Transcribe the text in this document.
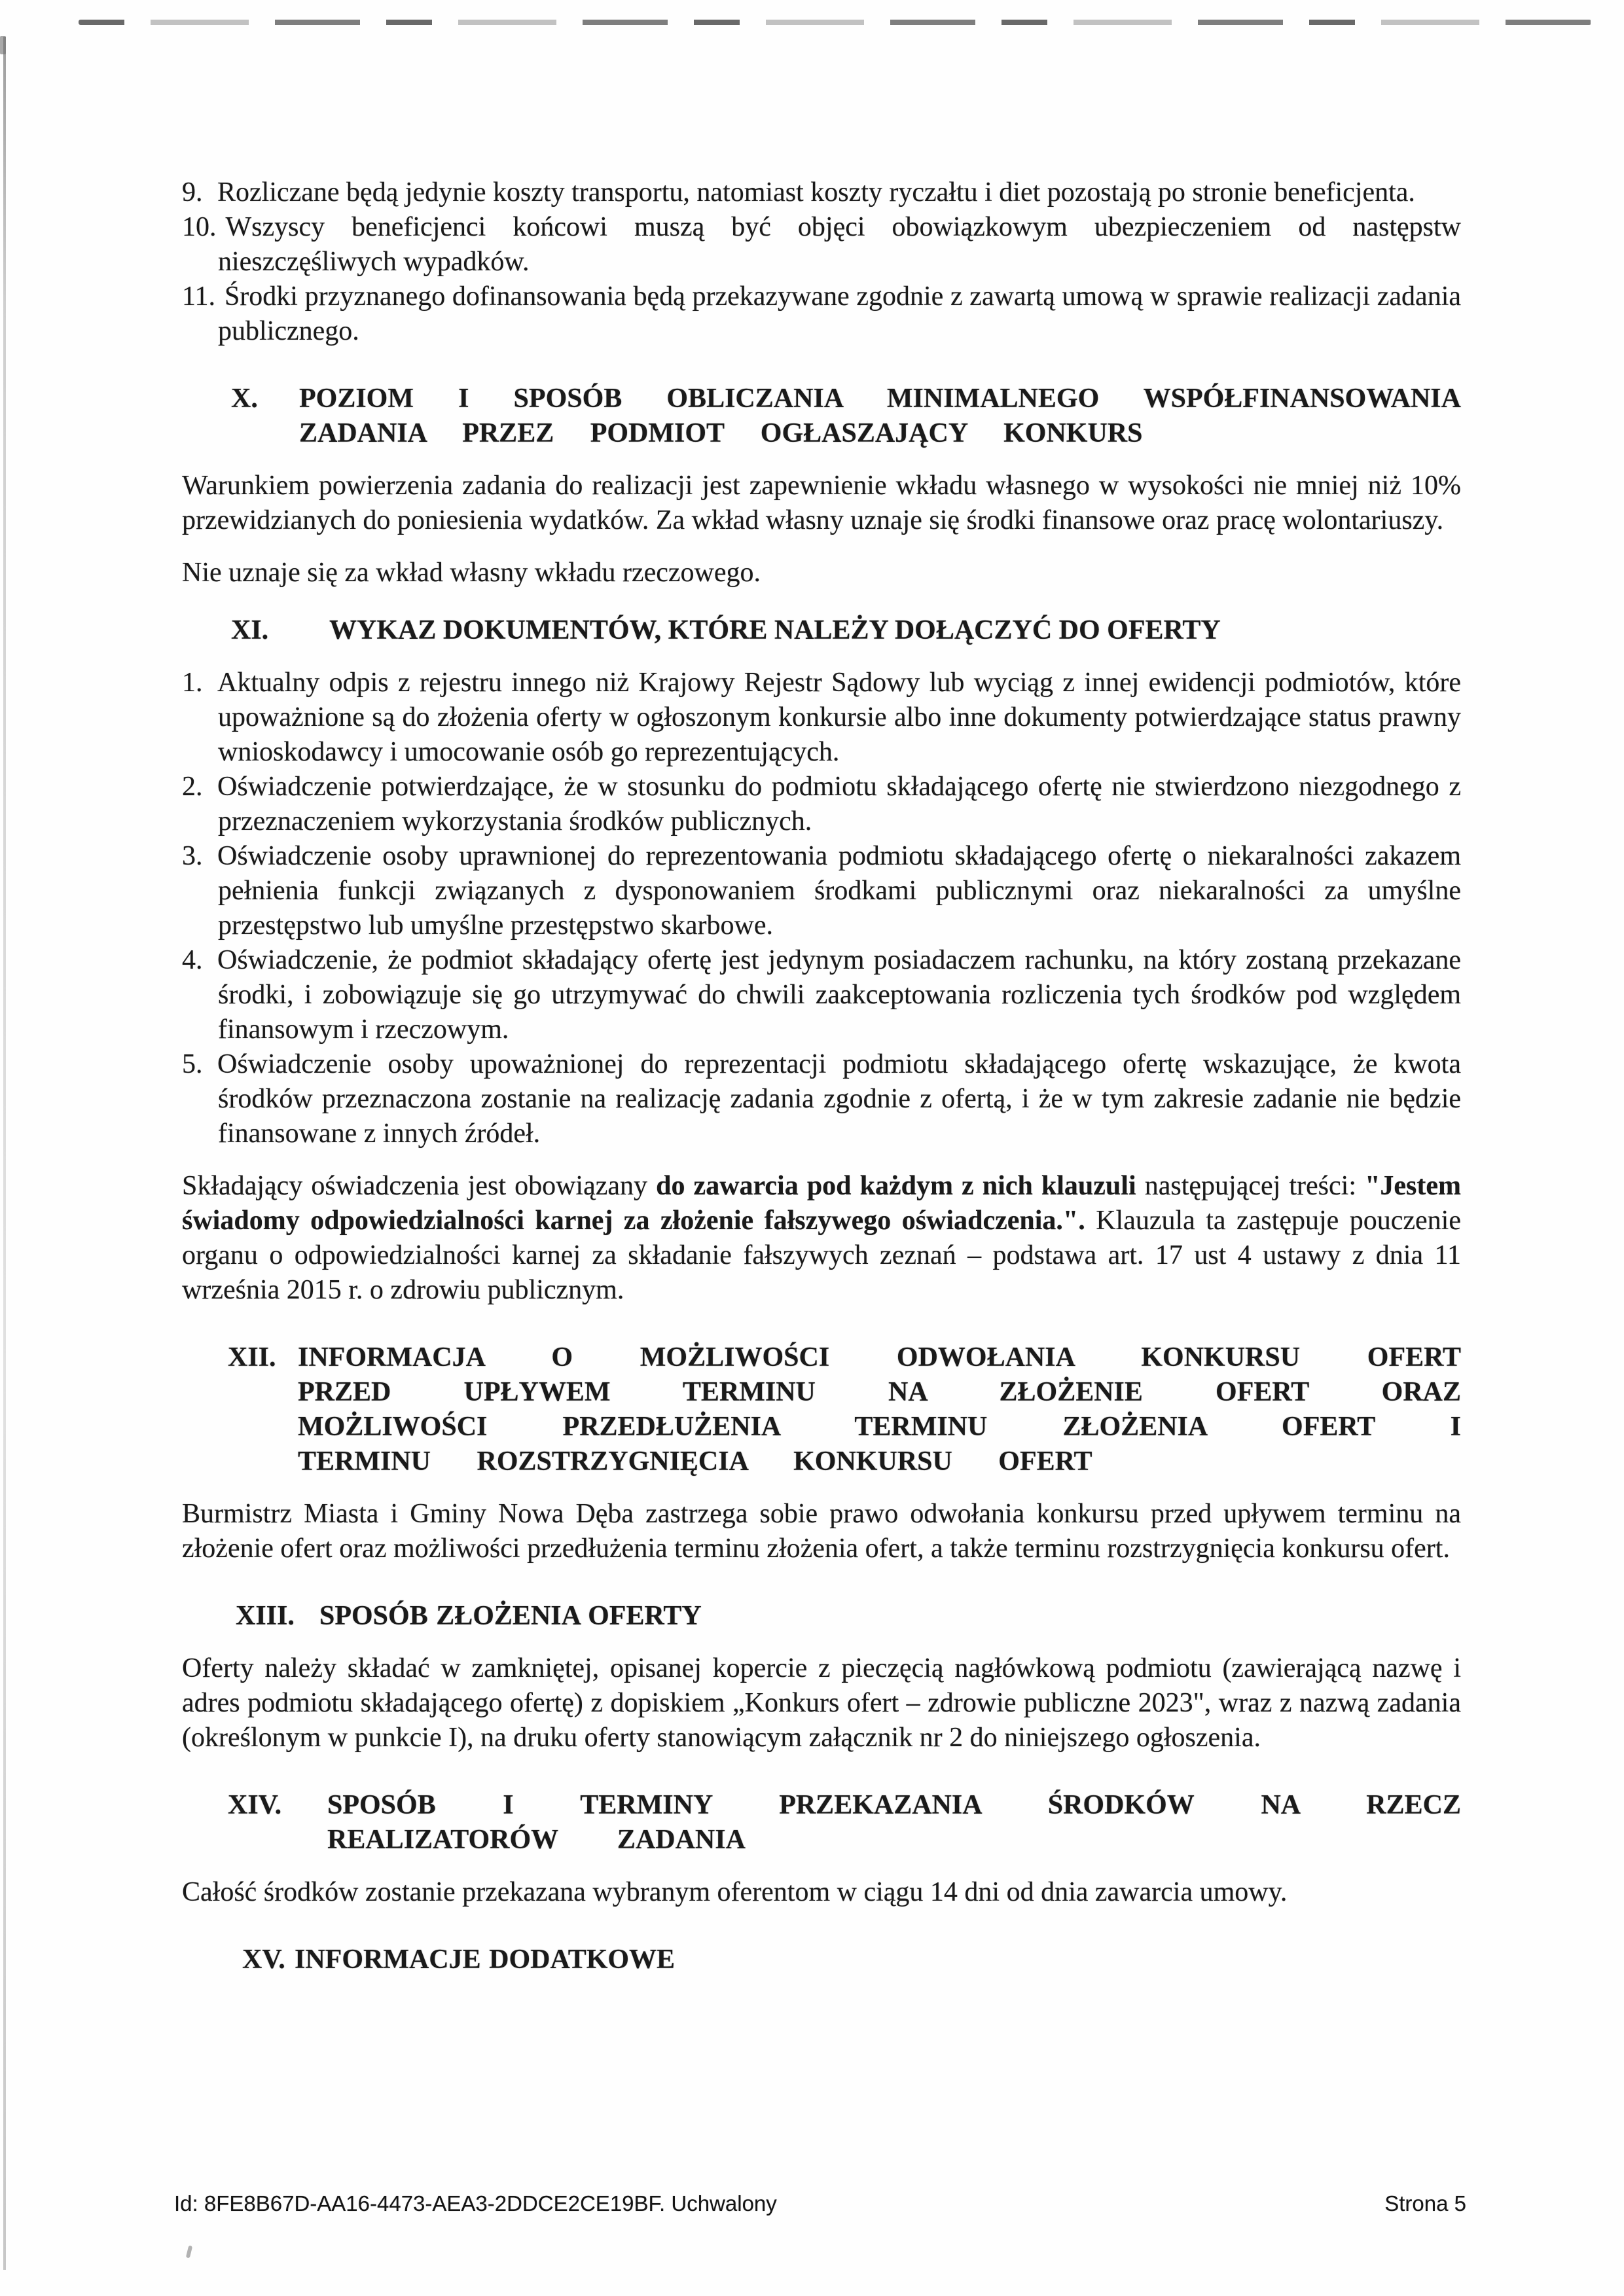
9. Rozliczane będą jedynie koszty transportu, natomiast koszty ryczałtu i diet pozostają po stronie beneficjenta.
10. Wszyscy beneficjenci końcowi muszą być objęci obowiązkowym ubezpieczeniem od następstw nieszczęśliwych wypadków.
11. Środki przyznanego dofinansowania będą przekazywane zgodnie z zawartą umową w sprawie realizacji zadania publicznego.
X.	POZIOM I SPOSÓB OBLICZANIA MINIMALNEGO WSPÓŁFINANSOWANIA ZADANIA PRZEZ PODMIOT OGŁASZAJĄCY KONKURS

Warunkiem powierzenia zadania do realizacji jest zapewnienie wkładu własnego w wysokości nie mniej niż 10% przewidzianych do poniesienia wydatków. Za wkład własny uznaje się środki finansowe oraz pracę wolontariuszy.

Nie uznaje się za wkład własny wkładu rzeczowego.

XI.	WYKAZ DOKUMENTÓW, KTÓRE NALEŻY DOŁĄCZYĆ DO OFERTY
1. Aktualny odpis z rejestru innego niż Krajowy Rejestr Sądowy lub wyciąg z innej ewidencji podmiotów, które upoważnione są do złożenia oferty w ogłoszonym konkursie albo inne dokumenty potwierdzające status prawny wnioskodawcy i umocowanie osób go reprezentujących.
2. Oświadczenie potwierdzające, że w stosunku do podmiotu składającego ofertę nie stwierdzono niezgodnego z przeznaczeniem wykorzystania środków publicznych.
3. Oświadczenie osoby uprawnionej do reprezentowania podmiotu składającego ofertę o niekaralności zakazem pełnienia funkcji związanych z dysponowaniem środkami publicznymi oraz niekaralności za umyślne przestępstwo lub umyślne przestępstwo skarbowe.
4. Oświadczenie, że podmiot składający ofertę jest jedynym posiadaczem rachunku, na który zostaną przekazane środki, i zobowiązuje się go utrzymywać do chwili zaakceptowania rozliczenia tych środków pod względem finansowym i rzeczowym.
5. Oświadczenie osoby upoważnionej do reprezentacji podmiotu składającego ofertę wskazujące, że kwota środków przeznaczona zostanie na realizację zadania zgodnie z ofertą, i że w tym zakresie zadanie nie będzie finansowane z innych źródeł.

Składający oświadczenia jest obowiązany do zawarcia pod każdym z nich klauzuli następującej treści: "Jestem świadomy odpowiedzialności karnej za złożenie fałszywego oświadczenia.". Klauzula ta zastępuje pouczenie organu o odpowiedzialności karnej za składanie fałszywych zeznań – podstawa art. 17 ust 4 ustawy z dnia 11 września 2015 r. o zdrowiu publicznym.

XII. INFORMACJA O MOŻLIWOŚCI ODWOŁANIA KONKURSU OFERT PRZED UPŁYWEM TERMINU NA ZŁOŻENIE OFERT ORAZ MOŻLIWOŚCI PRZEDŁUŻENIA TERMINU ZŁOŻENIA OFERT I TERMINU ROZSTRZYGNIĘCIA KONKURSU OFERT

Burmistrz Miasta i Gminy Nowa Dęba zastrzega sobie prawo odwołania konkursu przed upływem terminu na złożenie ofert oraz możliwości przedłużenia terminu złożenia ofert, a także terminu rozstrzygnięcia konkursu ofert.

XIII. SPOSÓB ZŁOŻENIA OFERTY

Oferty należy składać w zamkniętej, opisanej kopercie z pieczęcią nagłówkową podmiotu (zawierającą nazwę i adres podmiotu składającego ofertę) z dopiskiem „Konkurs ofert – zdrowie publiczne 2023", wraz z nazwą zadania (określonym w punkcie I), na druku oferty stanowiącym załącznik nr 2 do niniejszego ogłoszenia.

XIV.	SPOSÓB I TERMINY PRZEKAZANIA ŚRODKÓW NA RZECZ REALIZATORÓW ZADANIA

Całość środków zostanie przekazana wybranym oferentom w ciągu 14 dni od dnia zawarcia umowy.

XV. INFORMACJE DODATKOWE
Id: 8FE8B67D-AA16-4473-AEA3-2DDCE2CE19BF. Uchwalony	Strona 5
